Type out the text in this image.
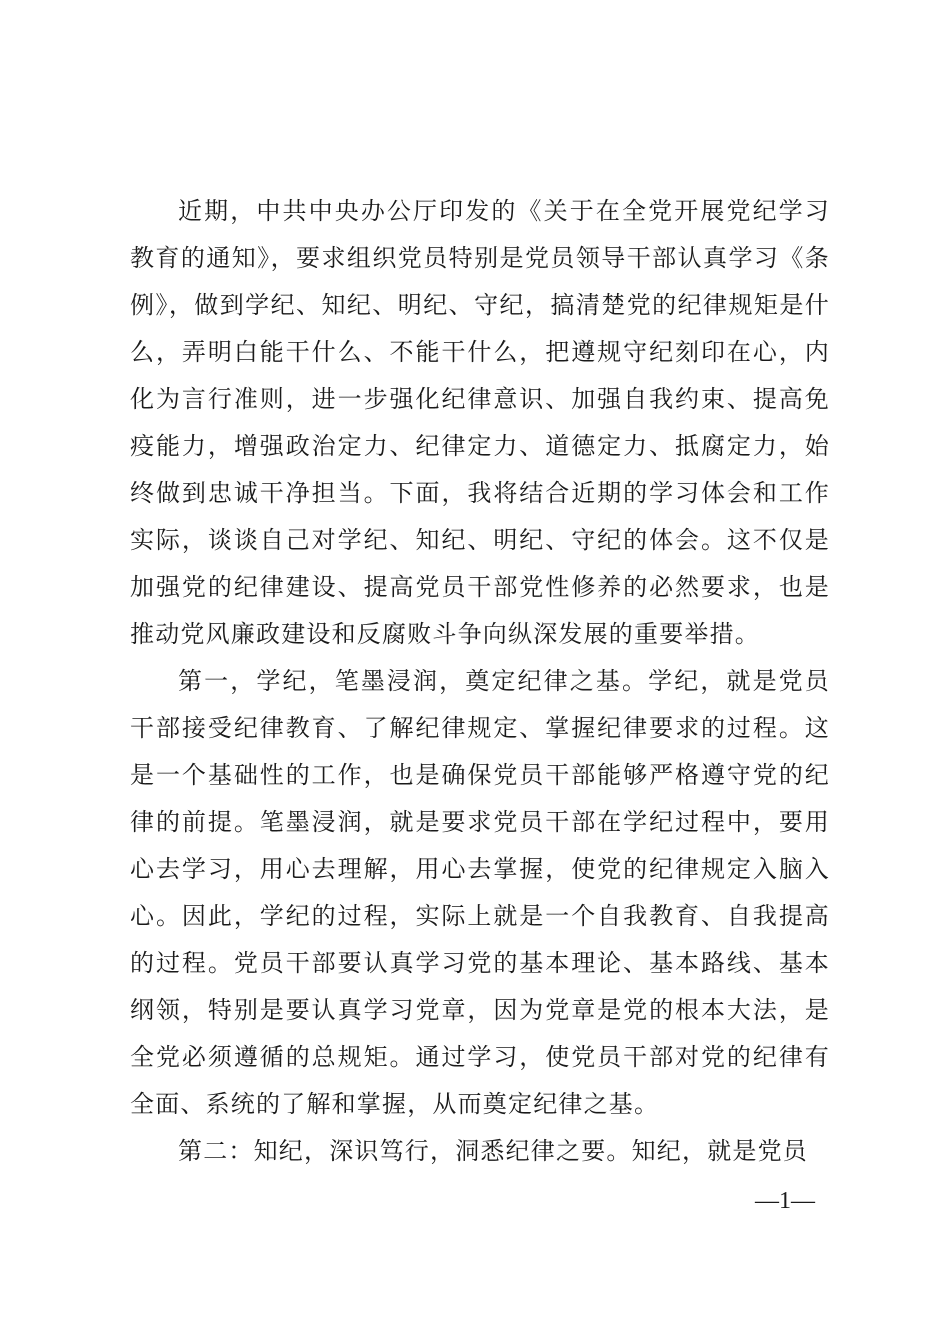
近期，中共中央办公厅印发的《关于在全党开展党纪学习教育的通知》，要求组织党员特别是党员领导干部认真学习《条例》，做到学纪、知纪、明纪、守纪，搞清楚党的纪律规矩是什么，弄明白能干什么、不能干什么，把遵规守纪刻印在心，内化为言行准则，进一步强化纪律意识、加强自我约束、提高免疫能力，增强政治定力、纪律定力、道德定力、抵腐定力，始终做到忠诚干净担当。下面，我将结合近期的学习体会和工作实际，谈谈自己对学纪、知纪、明纪、守纪的体会。这不仅是加强党的纪律建设、提高党员干部党性修养的必然要求，也是推动党风廉政建设和反腐败斗争向纵深发展的重要举措。

第一，学纪，笔墨浸润，奠定纪律之基。学纪，就是党员干部接受纪律教育、了解纪律规定、掌握纪律要求的过程。这是一个基础性的工作，也是确保党员干部能够严格遵守党的纪律的前提。笔墨浸润，就是要求党员干部在学纪过程中，要用心去学习，用心去理解，用心去掌握，使党的纪律规定入脑入心。因此，学纪的过程，实际上就是一个自我教育、自我提高的过程。党员干部要认真学习党的基本理论、基本路线、基本纲领，特别是要认真学习党章，因为党章是党的根本大法，是全党必须遵循的总规矩。通过学习，使党员干部对党的纪律有全面、系统的了解和掌握，从而奠定纪律之基。

第二：知纪，深识笃行，洞悉纪律之要。知纪，就是党员

—1—
